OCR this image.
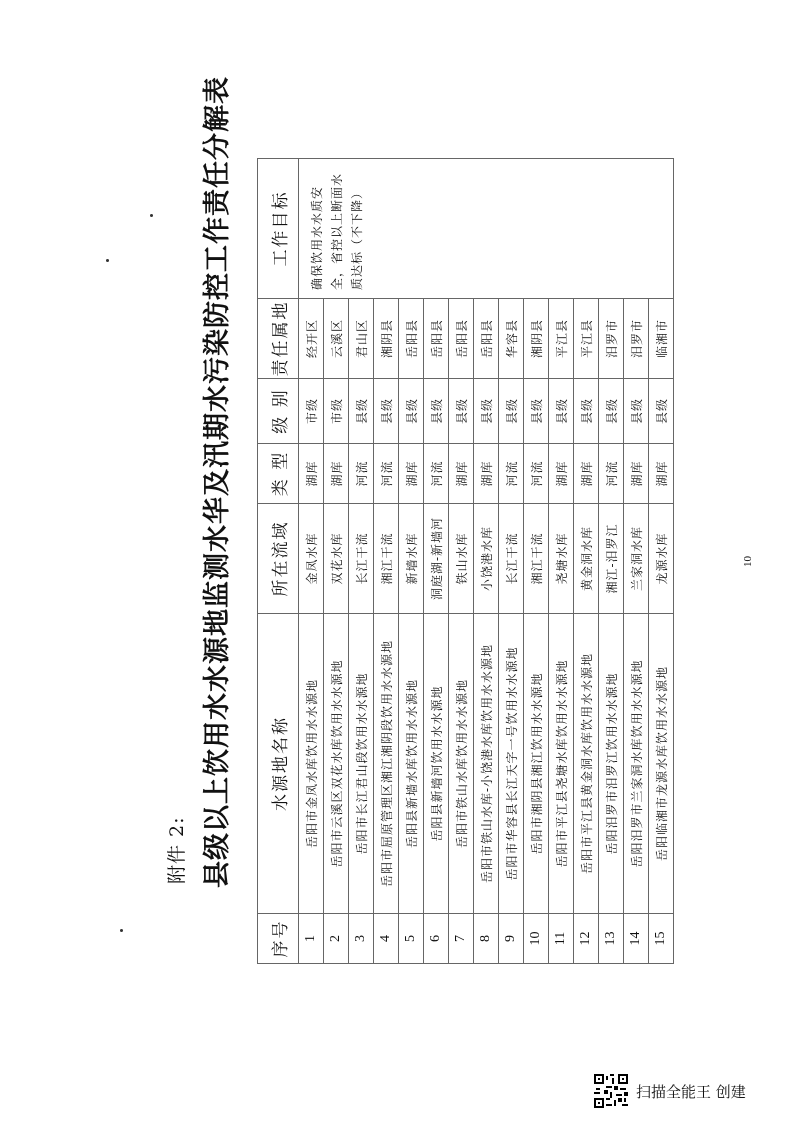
附件 2: 县级以上饮用水水源地监测水华及汛期水污染防控工作责任分解表
序号	水源地名称	所在流域	类 型	级 别	责任属地	工作目标
1	岳阳市金凤水库饮用水水源地	金凤水库	湖库	市级	经开区	确保饮用水水质安全，省控以上断面水质达标（不下降）
2	岳阳市云溪区双花水库饮用水水源地	双花水库	湖库	市级	云溪区	
3	岳阳市长江君山段饮用水水源地	长江干流	河流	县级	君山区	
4	岳阳市屈原管理区湘江湘阴段饮用水水源地	湘江干流	河流	县级	湘阴县	
5	岳阳县新墙水库饮用水水源地	新墙水库	湖库	县级	岳阳县	
6	岳阳县新墙河饮用水水源地	洞庭湖-新墙河	河流	县级	岳阳县	
7	岳阳市铁山水库饮用水水源地	铁山水库	湖库	县级	岳阳县	
8	岳阳市铁山水库-小饶港水库饮用水水源地	小饶港水库	湖库	县级	岳阳县	
9	岳阳市华容县长江天字一号饮用水水源地	长江干流	河流	县级	华容县	
10	岳阳市湘阴县湘江饮用水水源地	湘江干流	河流	县级	湘阴县	
11	岳阳市平江县尧塘水库饮用水水源地	尧塘水库	湖库	县级	平江县	
12	岳阳市平江县黄金洞水库饮用水水源地	黄金洞水库	湖库	县级	平江县	
13	岳阳汨罗市汨罗江饮用水水源地	湘江-汨罗江	河流	县级	汨罗市	
14	岳阳汨罗市兰家洞水库饮用水水源地	兰家洞水库	湖库	县级	汨罗市	
15	岳阳临湘市龙源水库饮用水水源地	龙源水库	湖库	县级	临湘市	
10
扫描全能王 创建
